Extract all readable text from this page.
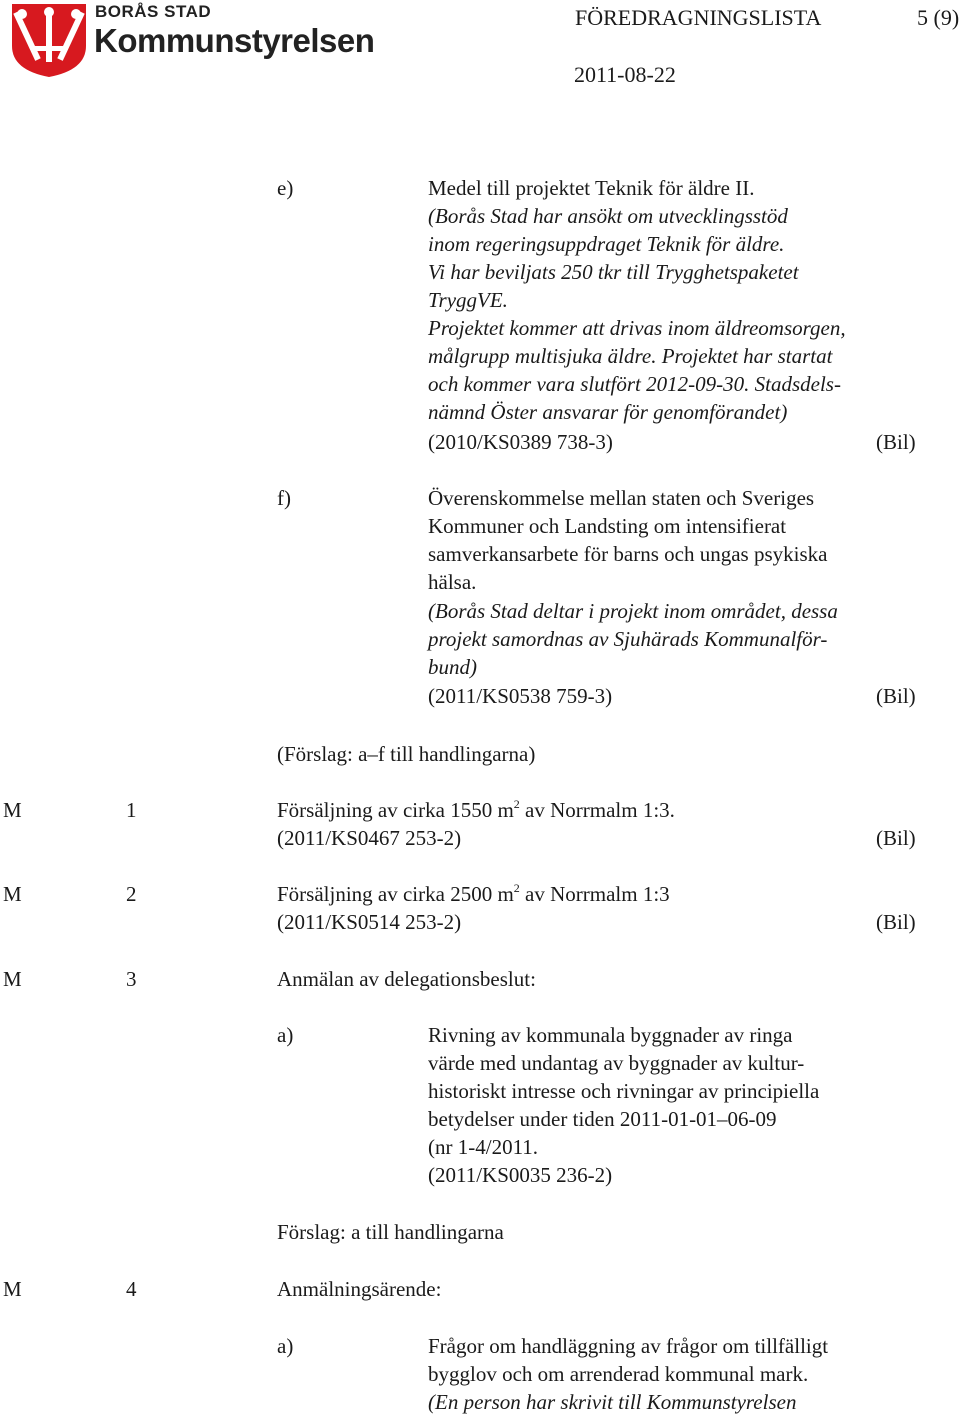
BORÅS STAD
Kommunstyrelsen
FÖREDRAGNINGSLISTA	5 (9)
2011-08-22
e)	Medel till projektet Teknik för äldre II.
(Borås Stad har ansökt om utvecklingsstöd
inom regeringsuppdraget Teknik för äldre.
Vi har beviljats 250 tkr till Trygghetspaketet
TryggVE.
Projektet kommer att drivas inom äldreomsorgen,
målgrupp multisjuka äldre. Projektet har startat
och kommer vara slutfört 2012-09-30. Stadsdels-
nämnd Öster ansvarar för genomförandet)
(2010/KS0389 738-3)	(Bil)
f)	Överenskommelse mellan staten och Sveriges
Kommuner och Landsting om intensifierat
samverkansarbete för barns och ungas psykiska
hälsa.
(Borås Stad deltar i projekt inom området, dessa
projekt samordnas av Sjuhärads Kommunalför-
bund)
(2011/KS0538 759-3)	(Bil)
(Förslag: a–f till handlingarna)
M	1	Försäljning av cirka 1550 $m^2$ av Norrmalm 1:3.
(2011/KS0467 253-2)	(Bil)
M	2	Försäljning av cirka 2500 $m^2$ av Norrmalm 1:3
(2011/KS0514 253-2)	(Bil)
M	3	Anmälan av delegationsbeslut:
a)	Rivning av kommunala byggnader av ringa
värde med undantag av byggnader av kultur-
historiskt intresse och rivningar av principiella
betydelser under tiden 2011-01-01–06-09
(nr 1-4/2011.
(2011/KS0035 236-2)
Förslag: a till handlingarna
M	4	Anmälningsärende:
a)	Frågor om handläggning av frågor om tillfälligt
bygglov och om arrenderad kommunal mark.
(En person har skrivit till Kommunstyrelsen
